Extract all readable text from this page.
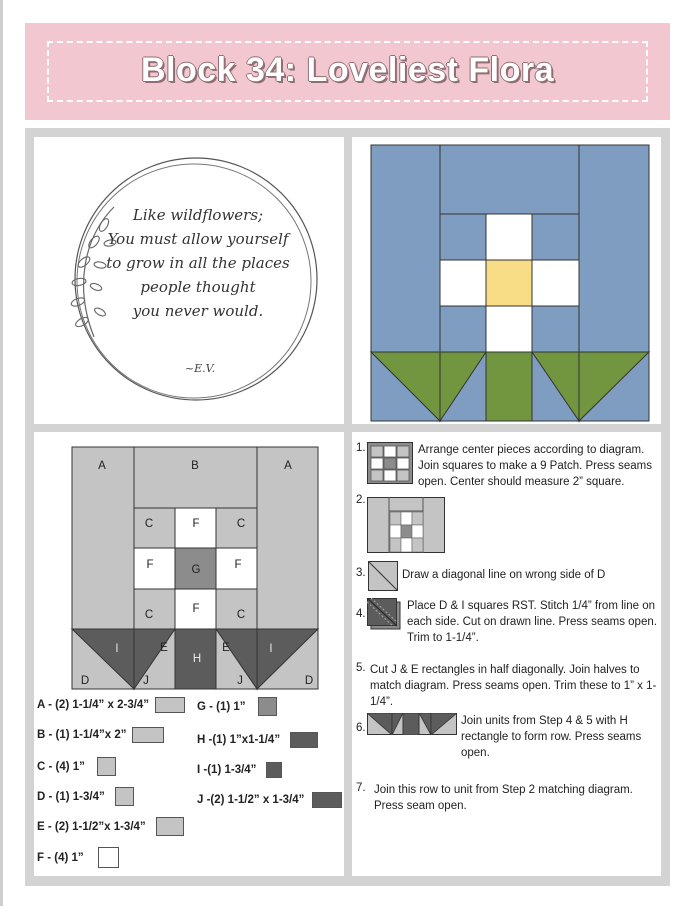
Block 34: Loveliest Flora
Like wildflowers;
You must allow yourself
to grow in all the places
people thought
you never would.
~E.V.
A	B	A
C	F	C
F	G	F
C	F	C
I	E
H
E	I
D	J	J	D
A - (2) 1-1/4” x 2-3/4”
B - (1) 1-1/4”x 2”
C - (4) 1”
D - (1) 1-3/4”
E - (2) 1-1/2”x 1-3/4”
F - (4) 1”
G - (1) 1”
H -(1) 1”x1-1/4”
I -(1) 1-3/4”
J -(2) 1-1/2” x 1-3/4”
1.	Arrange center pieces according to diagram. Join squares to make a 9 Patch. Press seams open. Center should measure 2” square.
2.
3.	Draw a diagonal line on wrong side of D
4.
Place D & I squares RST. Stitch 1/4” from line on each side. Cut on drawn line. Press seams open. Trim to 1-1/4”.
5. Cut J & E rectangles in half diagonally. Join halves to match diagram. Press seams open. Trim these to 1” x 1-1/4”.
6.
Join units from Step 4 & 5 with H rectangle to form row. Press seams open.
7. Join this row to unit from Step 2 matching diagram. Press seam open.
